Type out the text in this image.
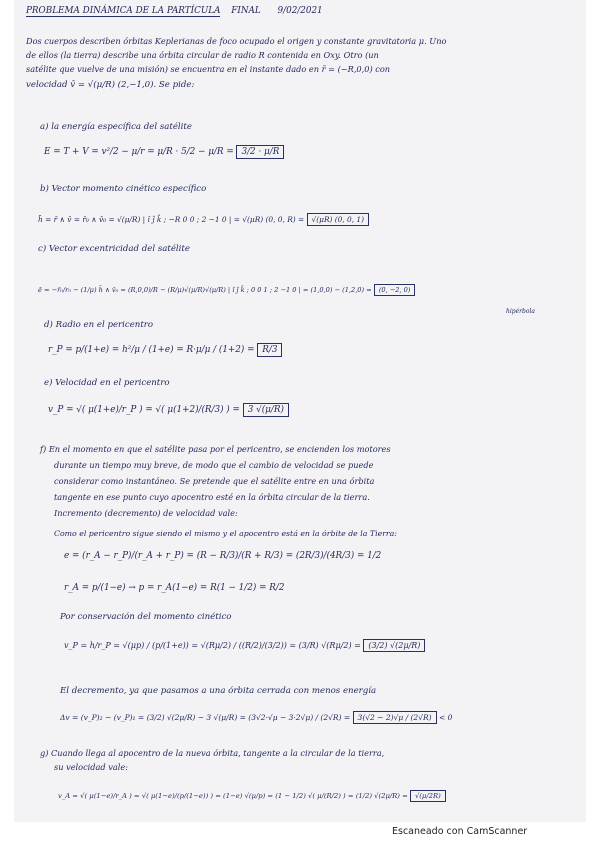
PROBLEMA DINÁMICA DE LA PARTÍCULA FINAL 9/02/2021
Dos cuerpos describen órbitas Keplerianas de foco ocupado el origen y constante gravitatoria μ. Uno
de ellos (la tierra) describe una órbita circular de radio R contenida en Oxy. Otro (un
satélite que vuelve de una misión) se encuentra en el instante dado en r̄ = (−R,0,0) con
velocidad v̄ = √(μ/R) (2,−1,0). Se pide:
a) la energía específica del satélite
E = T + V = v²/2 − μ/r = μ/R · 5/2 − μ/R = 3/2 · μ/R
b) Vector momento cinético específico
h̄ = r̄ ∧ v̄ = r̄₀ ∧ v̄₀ = √(μ/R) | î ĵ k̂ ; −R 0 0 ; 2 −1 0 | = √(μR) (0, 0, R) = √(μR) (0, 0, 1)
c) Vector excentricidad del satélite
ē = −r̄₀/r₀ − (1/μ) h̄ ∧ v̄₀ = (R,0,0)/R − (R/μ)√(μ/R)√(μ/R) | î ĵ k̂ ; 0 0 1 ; 2 −1 0 | = (1,0,0) − (1,2,0) = (0, −2, 0)
hipérbola
d) Radio en el pericentro
r_P = p/(1+e) = h²/μ / (1+e) = R·μ/μ / (1+2) = R/3
e) Velocidad en el pericentro
v_P = √( μ(1+e)/r_P ) = √( μ(1+2)/(R/3) ) = 3 √(μ/R)
f) En el momento en que el satélite pasa por el pericentro, se encienden los motores
durante un tiempo muy breve, de modo que el cambio de velocidad se puede
considerar como instantáneo. Se pretende que el satélite entre en una órbita
tangente en ese punto cuyo apocentro esté en la órbita circular de la tierra.
Incremento (decremento) de velocidad vale:
Como el pericentro sigue siendo el mismo y el apocentro está en la órbite de la Tierra:
e = (r_A − r_P)/(r_A + r_P) = (R − R/3)/(R + R/3) = (2R/3)/(4R/3) = 1/2
r_A = p/(1−e) → p = r_A(1−e) = R(1 − 1/2) = R/2
Por conservación del momento cinético
v_P = h/r_P = √(μp) / (p/(1+e)) = √(Rμ/2) / ((R/2)/(3/2)) = (3/R) √(Rμ/2) = (3/2) √(2μ/R)
El decremento, ya que pasamos a una órbita cerrada con menos energía
Δv = (v_P)₂ − (v_P)₁ = (3/2) √(2μ/R) − 3 √(μ/R) = (3√2·√μ − 3·2√μ) / (2√R) = 3(√2 − 2)√μ / (2√R) < 0
g) Cuando llega al apocentro de la nueva órbita, tangente a la circular de la tierra,
su velocidad vale:
v_A = √( μ(1−e)/r_A ) = √( μ(1−e)/(p/(1−e)) ) = (1−e) √(μ/p) = (1 − 1/2) √( μ/(R/2) ) = (1/2) √(2μ/R) = √(μ/2R)
Escaneado con CamScanner
